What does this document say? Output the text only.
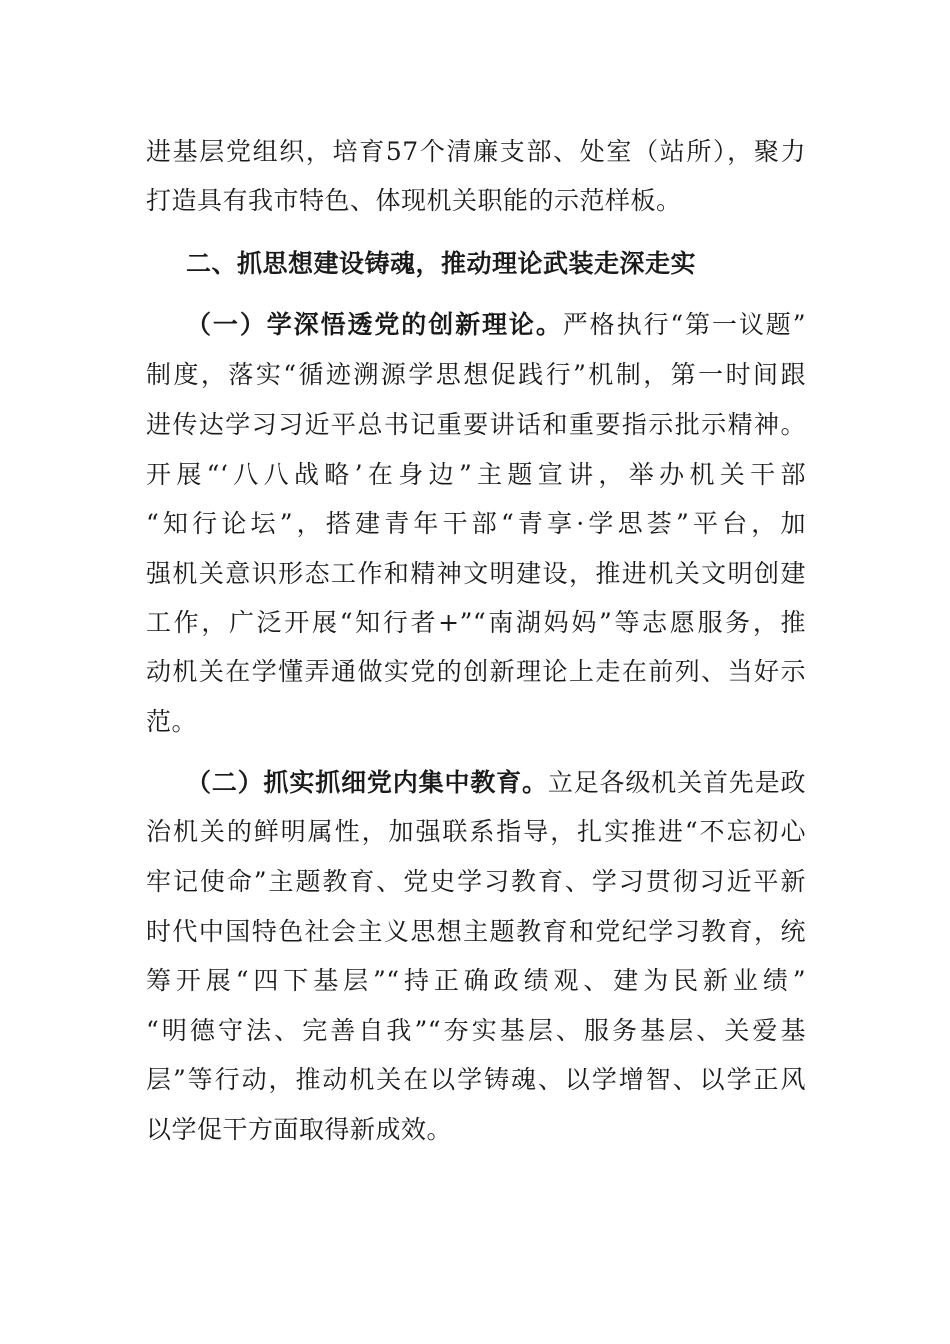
进基层党组织，培育57个清廉支部、处室（站所），聚力
打造具有我市特色、体现机关职能的示范样板。
二、抓思想建设铸魂，推动理论武装走深走实
（一）学深悟透党的创新理论。严格执行“第一议题”
制度，落实“循迹溯源学思想促践行”机制，第一时间跟
进传达学习习近平总书记重要讲话和重要指示批示精神。
开展“‘八八战略’在身边”主题宣讲，举办机关干部
“知行论坛”，搭建青年干部“青享·学思荟”平台，加
强机关意识形态工作和精神文明建设，推进机关文明创建
工作，广泛开展“知行者+”“南湖妈妈”等志愿服务，推
动机关在学懂弄通做实党的创新理论上走在前列、当好示
范。
（二）抓实抓细党内集中教育。立足各级机关首先是政
治机关的鲜明属性，加强联系指导，扎实推进“不忘初心
牢记使命”主题教育、党史学习教育、学习贯彻习近平新
时代中国特色社会主义思想主题教育和党纪学习教育，统
筹开展“四下基层”“持正确政绩观、建为民新业绩”
“明德守法、完善自我”“夯实基层、服务基层、关爱基
层”等行动，推动机关在以学铸魂、以学增智、以学正风
以学促干方面取得新成效。
